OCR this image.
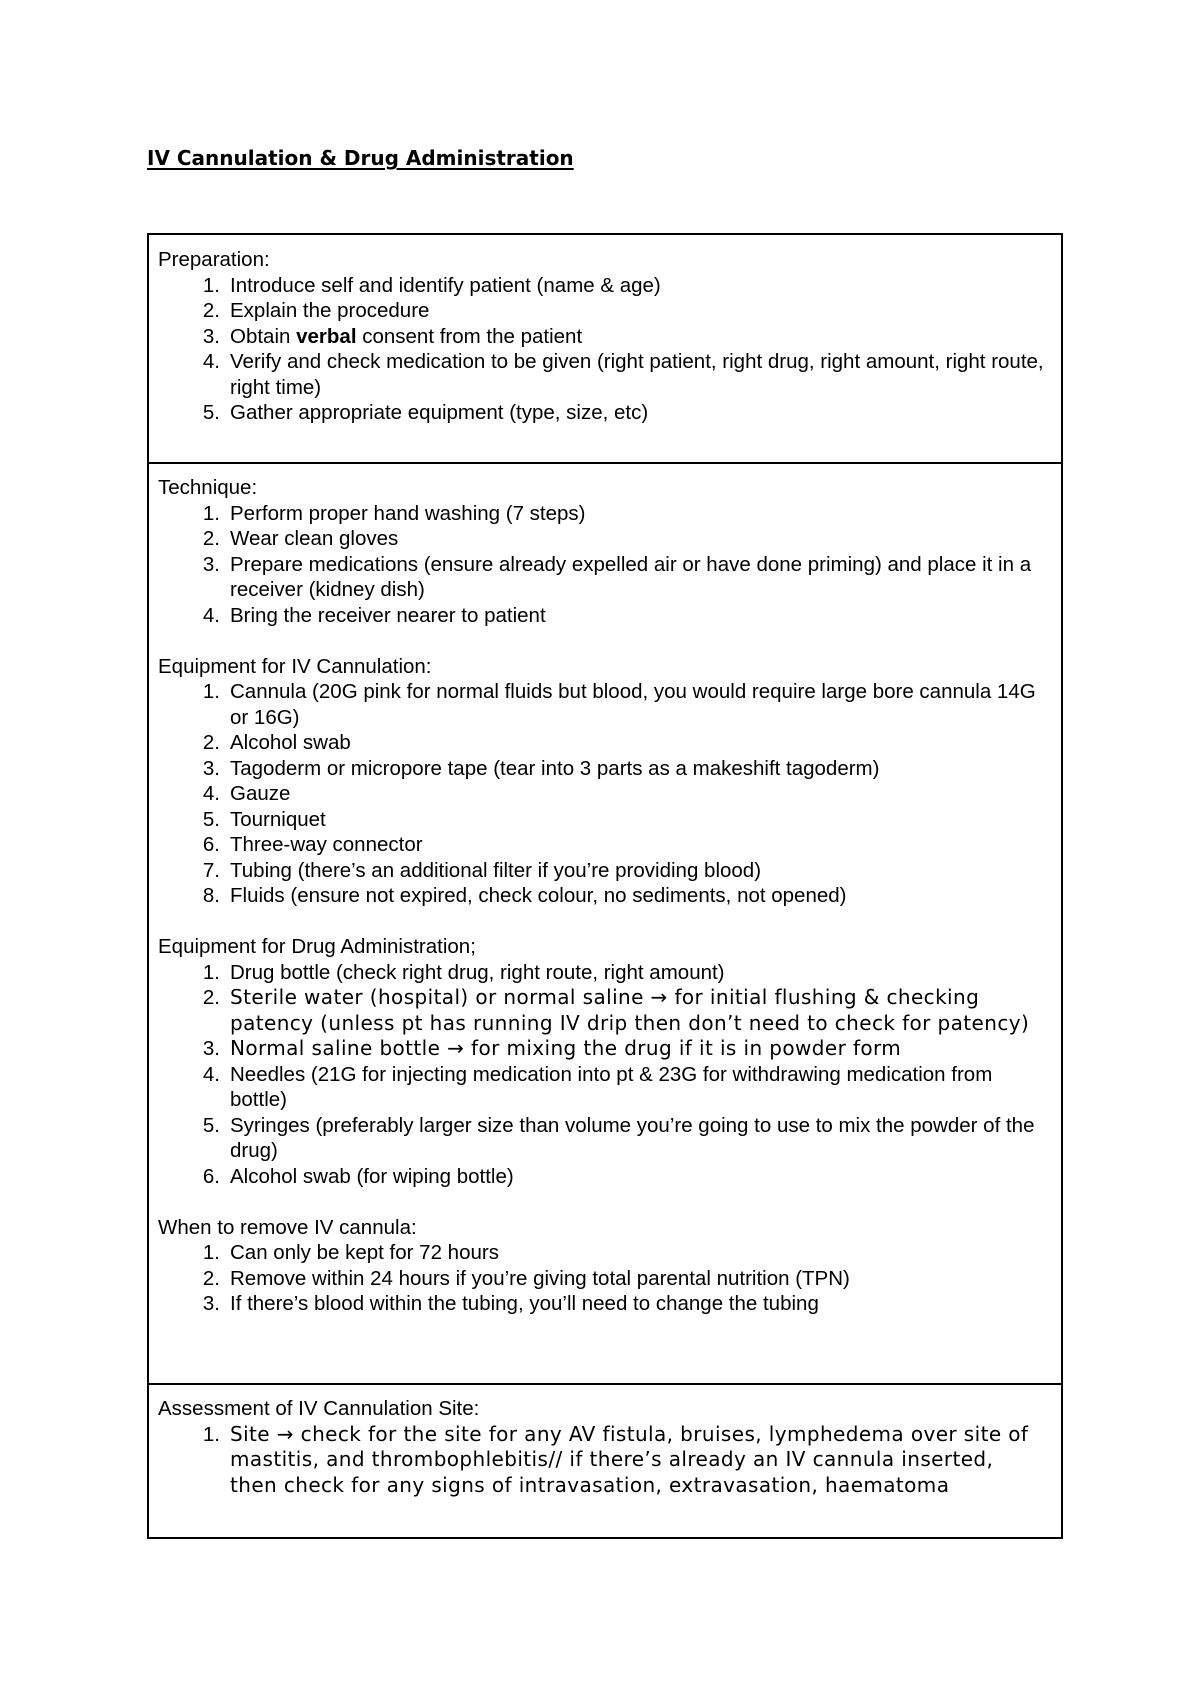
IV Cannulation & Drug Administration

Preparation:

1. Introduce self and identify patient (name & age)
2. Explain the procedure
3. Obtain verbal consent from the patient
4. Verify and check medication to be given (right patient, right drug, right amount, right route, right time)
5. Gather appropriate equipment (type, size, etc)

Technique:

1. Perform proper hand washing (7 steps)
2. Wear clean gloves
3. Prepare medications (ensure already expelled air or have done priming) and place it in a receiver (kidney dish)
4. Bring the receiver nearer to patient

Equipment for IV Cannulation:

1. Cannula (20G pink for normal fluids but blood, you would require large bore cannula 14G or 16G)
2. Alcohol swab
3. Tagoderm or micropore tape (tear into 3 parts as a makeshift tagoderm)
4. Gauze
5. Tourniquet
6. Three-way connector
7. Tubing (there’s an additional filter if you’re providing blood)
8. Fluids (ensure not expired, check colour, no sediments, not opened)

Equipment for Drug Administration;

1. Drug bottle (check right drug, right route, right amount)
2. Sterile water (hospital) or normal saline → for initial flushing & checking patency (unless pt has running IV drip then don’t need to check for patency)
3. Normal saline bottle → for mixing the drug if it is in powder form
4. Needles (21G for injecting medication into pt & 23G for withdrawing medication from bottle)
5. Syringes (preferably larger size than volume you’re going to use to mix the powder of the drug)
6. Alcohol swab (for wiping bottle)

When to remove IV cannula:

1. Can only be kept for 72 hours
2. Remove within 24 hours if you’re giving total parental nutrition (TPN)
3. If there’s blood within the tubing, you’ll need to change the tubing

Assessment of IV Cannulation Site:

1. Site → check for the site for any AV fistula, bruises, lymphedema over site of mastitis, and thrombophlebitis// if there’s already an IV cannula inserted, then check for any signs of intravasation, extravasation, haematoma
